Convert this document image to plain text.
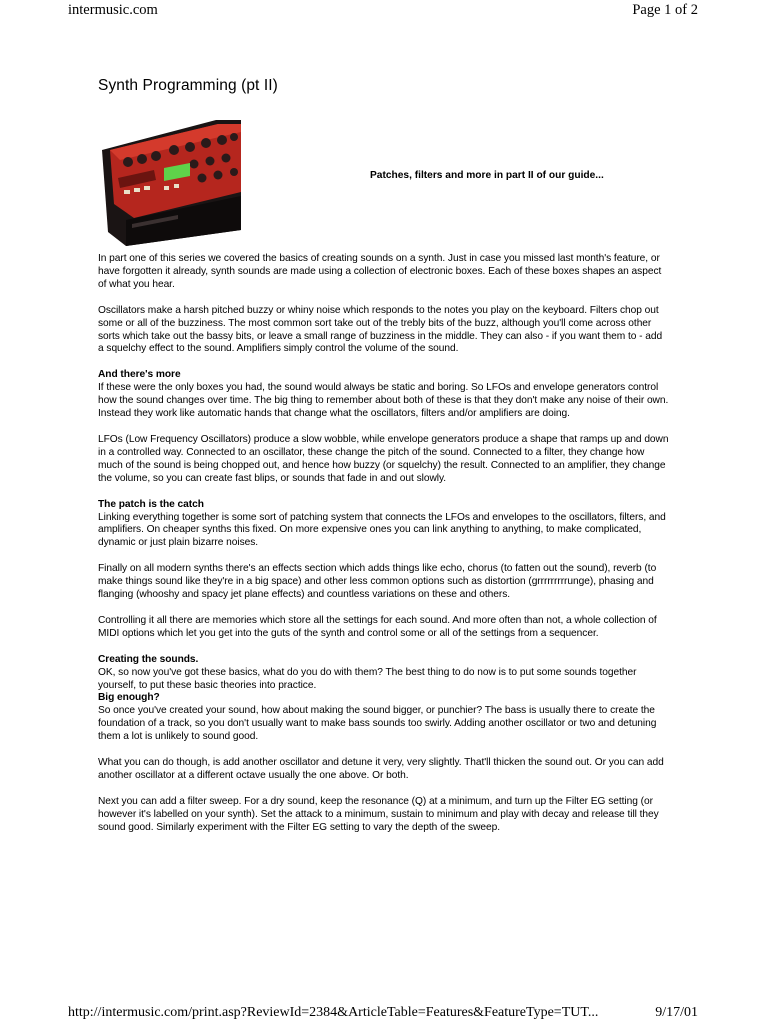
intermusic.com	Page 1 of 2
Synth Programming (pt II)
Patches, filters and more in part II of our guide...

In part one of this series we covered the basics of creating sounds on a synth. Just in case you missed last month's feature, or have forgotten it already, synth sounds are made using a collection of electronic boxes. Each of these boxes shapes an aspect of what you hear.

Oscillators make a harsh pitched buzzy or whiny noise which responds to the notes you play on the keyboard. Filters chop out some or all of the buzziness. The most common sort take out of the trebly bits of the buzz, although you'll come across other sorts which take out the bassy bits, or leave a small range of buzziness in the middle. They can also - if you want them to - add a squelchy effect to the sound. Amplifiers simply control the volume of the sound.

And there's more

If these were the only boxes you had, the sound would always be static and boring. So LFOs and envelope generators control how the sound changes over time. The big thing to remember about both of these is that they don't make any noise of their own. Instead they work like automatic hands that change what the oscillators, filters and/or amplifiers are doing.

LFOs (Low Frequency Oscillators) produce a slow wobble, while envelope generators produce a shape that ramps up and down in a controlled way. Connected to an oscillator, these change the pitch of the sound. Connected to a filter, they change how much of the sound is being chopped out, and hence how buzzy (or squelchy) the result. Connected to an amplifier, they change the volume, so you can create fast blips, or sounds that fade in and out slowly.

The patch is the catch

Linking everything together is some sort of patching system that connects the LFOs and envelopes to the oscillators, filters, and amplifiers. On cheaper synths this fixed. On more expensive ones you can link anything to anything, to make complicated, dynamic or just plain bizarre noises.

Finally on all modern synths there's an effects section which adds things like echo, chorus (to fatten out the sound), reverb (to make things sound like they're in a big space) and other less common options such as distortion (grrrrrrrrrunge), phasing and flanging (whooshy and spacy jet plane effects) and countless variations on these and others.

Controlling it all there are memories which store all the settings for each sound. And more often than not, a whole collection of MIDI options which let you get into the guts of the synth and control some or all of the settings from a sequencer.

Creating the sounds.

OK, so now you've got these basics, what do you do with them? The best thing to do now is to put some sounds together yourself, to put these basic theories into practice.

Big enough?

So once you've created your sound, how about making the sound bigger, or punchier? The bass is usually there to create the foundation of a track, so you don't usually want to make bass sounds too swirly. Adding another oscillator or two and detuning them a lot is unlikely to sound good.

What you can do though, is add another oscillator and detune it very, very slightly. That'll thicken the sound out. Or you can add another oscillator at a different octave usually the one above. Or both.

Next you can add a filter sweep. For a dry sound, keep the resonance (Q) at a minimum, and turn up the Filter EG setting (or however it's labelled on your synth). Set the attack to a minimum, sustain to minimum and play with decay and release till they sound good. Similarly experiment with the Filter EG setting to vary the depth of the sweep.

http://intermusic.com/print.asp?ReviewId=2384&ArticleTable=Features&FeatureType=TUT...	9/17/01
